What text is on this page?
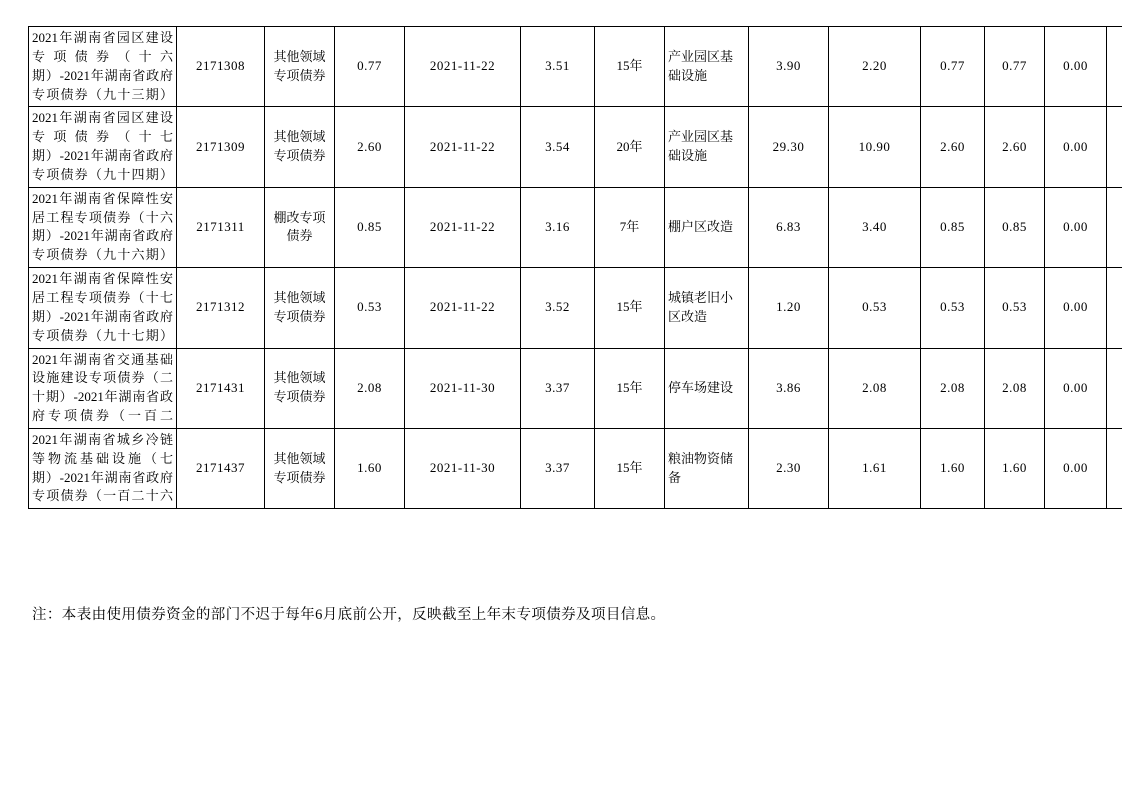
2021年湖南省园区建设专项债券（十六期）-2021年湖南省政府专项债券（九十三期）	2171308	其他领域专项债券	0.77	2021-11-22	3.51	15年	产业园区基础设施	3.90	2.20	0.77	0.77	0.00	
2021年湖南省园区建设专项债券（十七期）-2021年湖南省政府专项债券（九十四期）	2171309	其他领域专项债券	2.60	2021-11-22	3.54	20年	产业园区基础设施	29.30	10.90	2.60	2.60	0.00	
2021年湖南省保障性安居工程专项债券（十六期）-2021年湖南省政府专项债券（九十六期）	2171311	棚改专项债券	0.85	2021-11-22	3.16	7年	棚户区改造	6.83	3.40	0.85	0.85	0.00	
2021年湖南省保障性安居工程专项债券（十七期）-2021年湖南省政府专项债券（九十七期）	2171312	其他领域专项债券	0.53	2021-11-22	3.52	15年	城镇老旧小区改造	1.20	0.53	0.53	0.53	0.00	
2021年湖南省交通基础设施建设专项债券（二十期）-2021年湖南省政府专项债券（一百二	2171431	其他领域专项债券	2.08	2021-11-30	3.37	15年	停车场建设	3.86	2.08	2.08	2.08	0.00	
2021年湖南省城乡冷链等物流基础设施（七期）-2021年湖南省政府专项债券（一百二十六	2171437	其他领域专项债券	1.60	2021-11-30	3.37	15年	粮油物资储备	2.30	1.61	1.60	1.60	0.00	
注：本表由使用债券资金的部门不迟于每年6月底前公开，反映截至上年末专项债券及项目信息。
